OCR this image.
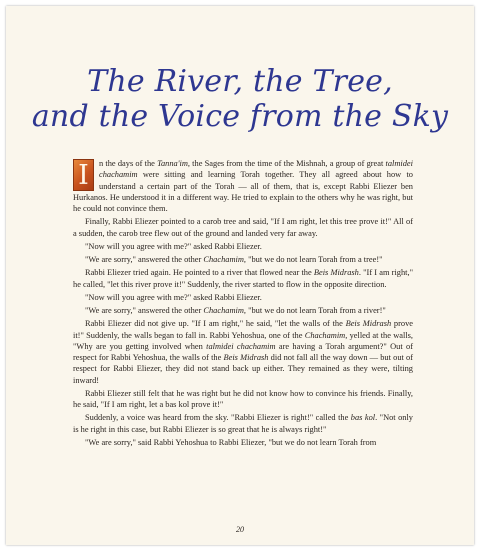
The River, the Tree,
and the Voice from the Sky

I	n the days of the Tanna'im, the Sages from the time of the Mishnah, a group of great talmidei chachamim were sitting and learning Torah together. They all agreed about how to understand a certain part of the Torah — all of them, that is, except Rabbi Eliezer ben Hurkanos. He understood it in a different way. He tried to explain to the others why he was right, but he could not convince them.

Finally, Rabbi Eliezer pointed to a carob tree and said, "If I am right, let this tree prove it!" All of a sudden, the carob tree flew out of the ground and landed very far away.

"Now will you agree with me?" asked Rabbi Eliezer.

"We are sorry," answered the other Chachamim, "but we do not learn Torah from a tree!"

Rabbi Eliezer tried again. He pointed to a river that flowed near the Beis Midrash. "If I am right," he called, "let this river prove it!" Suddenly, the river started to flow in the opposite direction.

"Now will you agree with me?" asked Rabbi Eliezer.

"We are sorry," answered the other Chachamim, "but we do not learn Torah from a river!"

Rabbi Eliezer did not give up. "If I am right," he said, "let the walls of the Beis Midrash prove it!" Suddenly, the walls began to fall in. Rabbi Yehoshua, one of the Chachamim, yelled at the walls, "Why are you getting involved when talmidei chachamim are having a Torah argument?" Out of respect for Rabbi Yehoshua, the walls of the Beis Midrash did not fall all the way down — but out of respect for Rabbi Eliezer, they did not stand back up either. They remained as they were, tilting inward!

Rabbi Eliezer still felt that he was right but he did not know how to convince his friends. Finally, he said, "If I am right, let a bas kol prove it!"

Suddenly, a voice was heard from the sky. "Rabbi Eliezer is right!" called the bas kol. "Not only is he right in this case, but Rabbi Eliezer is so great that he is always right!"

"We are sorry," said Rabbi Yehoshua to Rabbi Eliezer, "but we do not learn Torah from

20
